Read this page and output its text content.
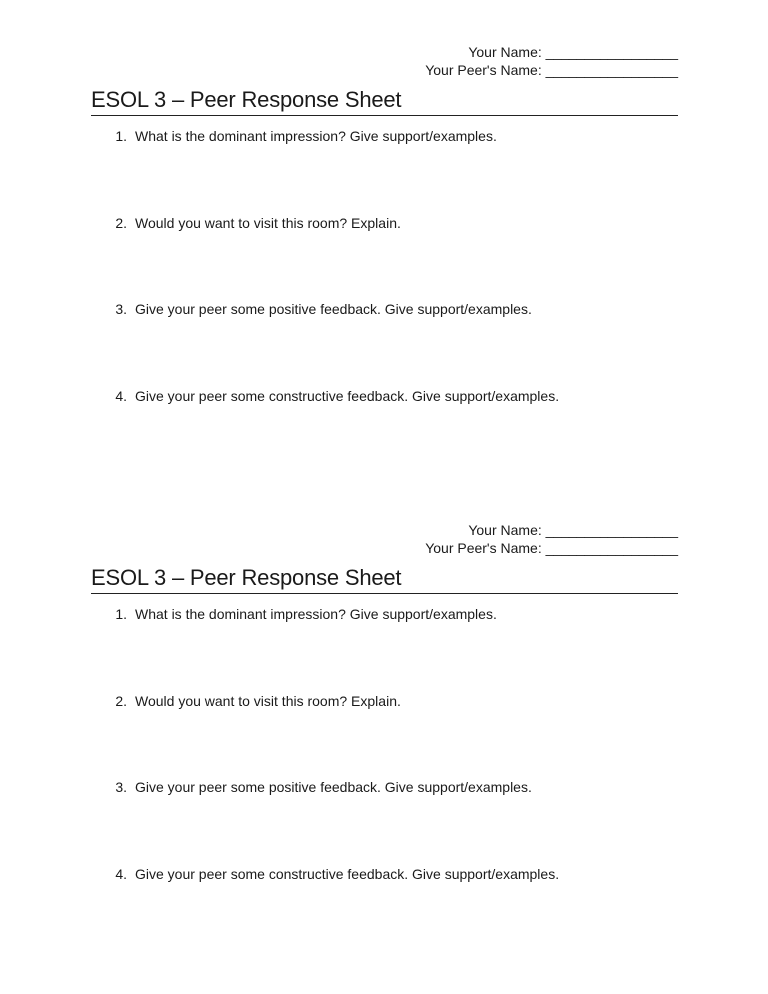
Your Name: _________________
Your Peer's Name: _________________
ESOL 3 – Peer Response Sheet
1. What is the dominant impression? Give support/examples.
2. Would you want to visit this room? Explain.
3. Give your peer some positive feedback. Give support/examples.
4. Give your peer some constructive feedback. Give support/examples.
Your Name: _________________
Your Peer's Name: _________________
ESOL 3 – Peer Response Sheet
1. What is the dominant impression? Give support/examples.
2. Would you want to visit this room? Explain.
3. Give your peer some positive feedback. Give support/examples.
4. Give your peer some constructive feedback. Give support/examples.
